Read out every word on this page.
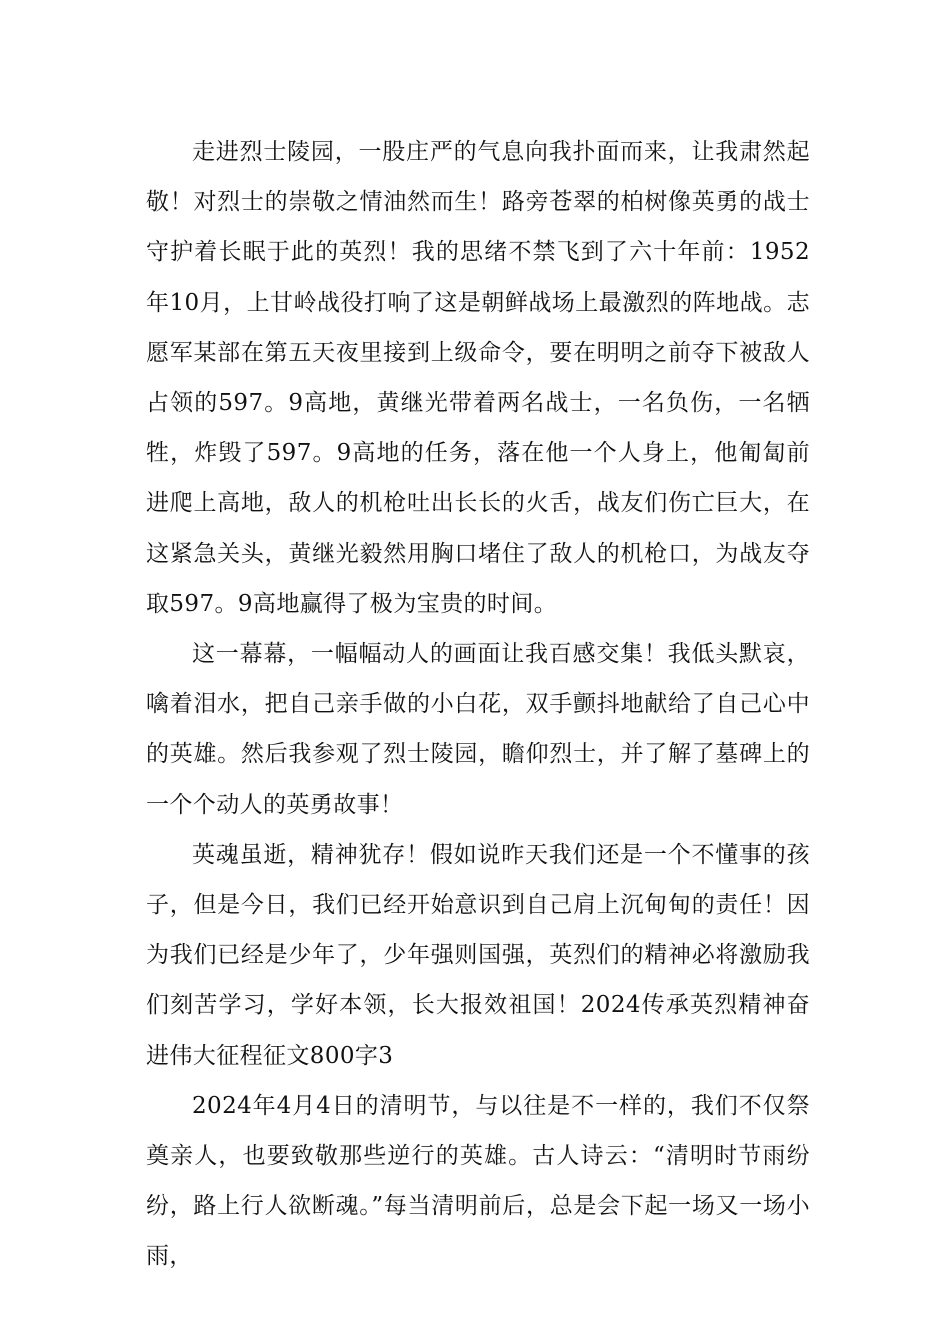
走进烈士陵园，一股庄严的气息向我扑面而来，让我肃然起敬！对烈士的崇敬之情油然而生！路旁苍翠的柏树像英勇的战士守护着长眠于此的英烈！我的思绪不禁飞到了六十年前：1952年10月，上甘岭战役打响了这是朝鲜战场上最激烈的阵地战。志愿军某部在第五天夜里接到上级命令，要在明明之前夺下被敌人占领的597。9高地，黄继光带着两名战士，一名负伤，一名牺牲，炸毁了597。9高地的任务，落在他一个人身上，他匍匐前进爬上高地，敌人的机枪吐出长长的火舌，战友们伤亡巨大，在这紧急关头，黄继光毅然用胸口堵住了敌人的机枪口，为战友夺取597。9高地赢得了极为宝贵的时间。

这一幕幕，一幅幅动人的画面让我百感交集！我低头默哀，噙着泪水，把自己亲手做的小白花，双手颤抖地献给了自己心中的英雄。然后我参观了烈士陵园，瞻仰烈士，并了解了墓碑上的一个个动人的英勇故事！

英魂虽逝，精神犹存！假如说昨天我们还是一个不懂事的孩子，但是今日，我们已经开始意识到自己肩上沉甸甸的责任！因为我们已经是少年了，少年强则国强，英烈们的精神必将激励我们刻苦学习，学好本领，长大报效祖国！2024传承英烈精神奋进伟大征程征文800字3

2024年4月4日的清明节，与以往是不一样的，我们不仅祭奠亲人，也要致敬那些逆行的英雄。古人诗云：“清明时节雨纷纷，路上行人欲断魂。”每当清明前后，总是会下起一场又一场小雨，
